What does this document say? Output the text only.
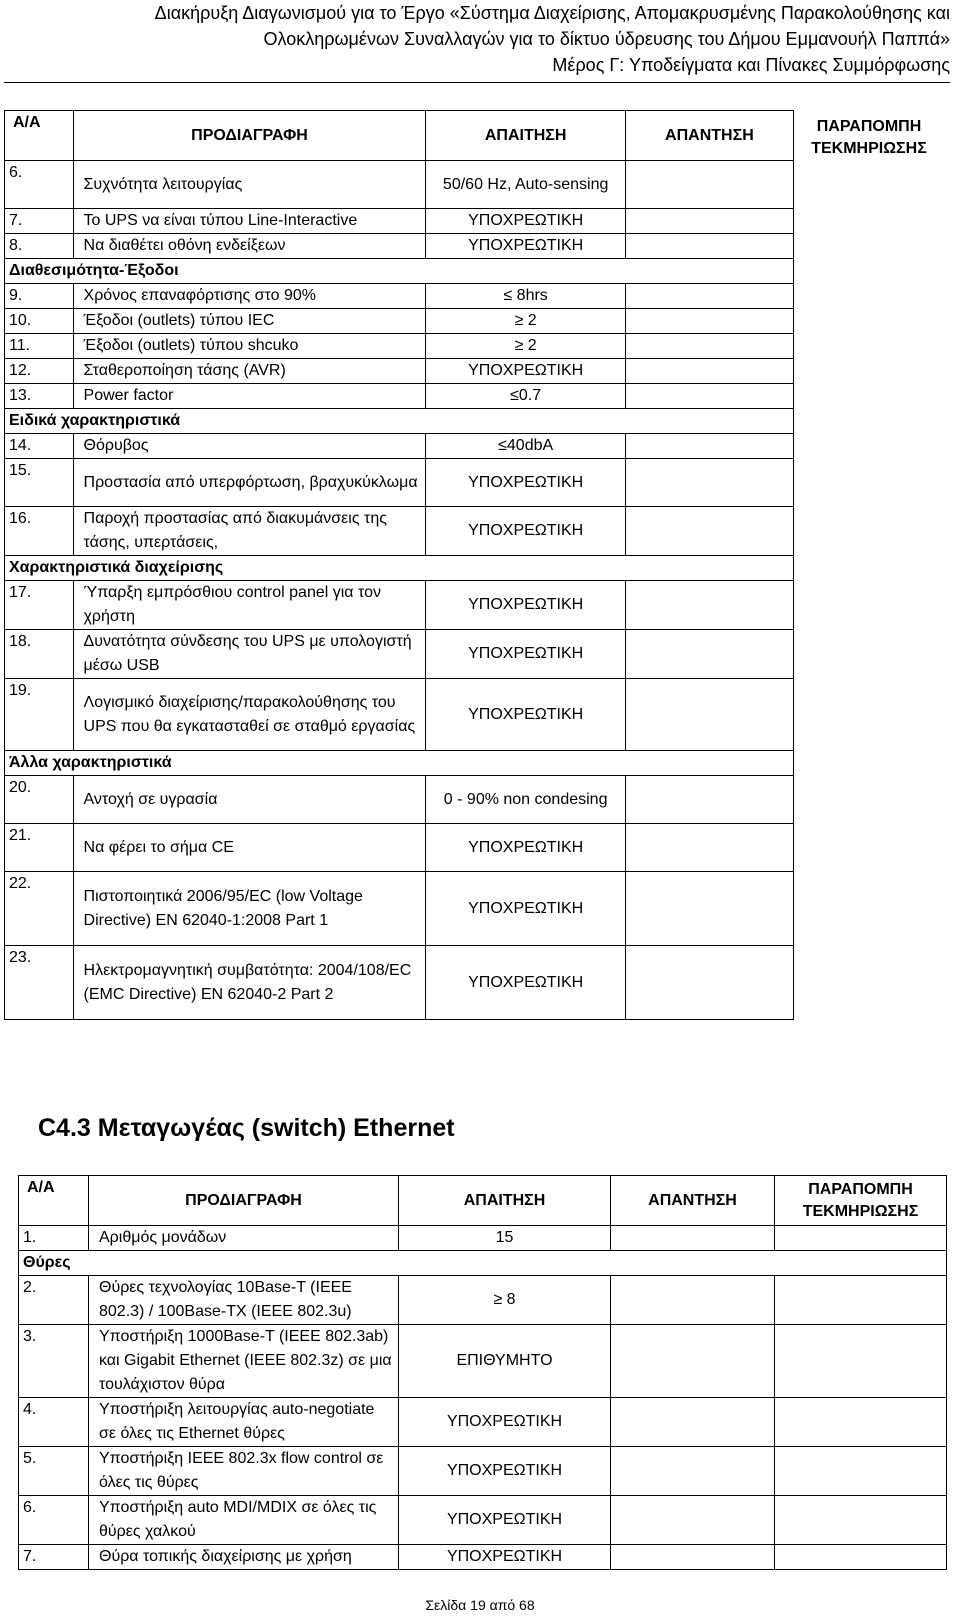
Διακήρυξη Διαγωνισμού για το Έργο «Σύστημα Διαχείρισης, Απομακρυσμένης Παρακολούθησης και
Ολοκληρωμένων Συναλλαγών για το δίκτυο ύδρευσης του Δήμου Εμμανουήλ Παππά»
Μέρος Γ: Υποδείγματα και Πίνακες Συμμόρφωσης
Α/Α	ΠΡΟΔΙΑΓΡΑΦΗ	ΑΠΑΙΤΗΣΗ	ΑΠΑΝΤΗΣΗ
6.	Συχνότητα λειτουργίας	50/60 Hz, Auto-sensing	
7.	Το UPS να είναι τύπου Line-Interactive	ΥΠΟΧΡΕΩΤΙΚΗ	
8.	Να διαθέτει οθόνη ενδείξεων	ΥΠΟΧΡΕΩΤΙΚΗ	
Διαθεσιμότητα-Έξοδοι			
9.	Χρόνος επαναφόρτισης στο 90%	≤ 8hrs	
10.	Έξοδοι (outlets) τύπου IEC	≥ 2	
11.	Έξοδοι (outlets) τύπου shcuko	≥ 2	
12.	Σταθεροποίηση τάσης (AVR)	ΥΠΟΧΡΕΩΤΙΚΗ	
13.	Power factor	≤0.7	
Ειδικά χαρακτηριστικά			
14.	Θόρυβος	≤40dbA	
15.	Προστασία από υπερφόρτωση, βραχυκύκλωμα	ΥΠΟΧΡΕΩΤΙΚΗ	
16.	Παροχή προστασίας από διακυμάνσεις της τάσης, υπερτάσεις,	ΥΠΟΧΡΕΩΤΙΚΗ	
Χαρακτηριστικά διαχείρισης			
17.	Ύπαρξη εμπρόσθιου control panel για τον χρήστη	ΥΠΟΧΡΕΩΤΙΚΗ	
18.	Δυνατότητα σύνδεσης του UPS με υπολογιστή μέσω USB	ΥΠΟΧΡΕΩΤΙΚΗ	
19.	Λογισμικό διαχείρισης/παρακολούθησης του UPS που θα εγκατασταθεί σε σταθμό εργασίας	ΥΠΟΧΡΕΩΤΙΚΗ	
Άλλα χαρακτηριστικά			
20.	Αντοχή σε υγρασία	0 - 90% non condesing	
21.	Να φέρει το σήμα CE	ΥΠΟΧΡΕΩΤΙΚΗ	
22.	Πιστοποιητικά 2006/95/EC (low Voltage Directive) EN 62040-1:2008 Part 1	ΥΠΟΧΡΕΩΤΙΚΗ	
23.	Ηλεκτρομαγνητική συμβατότητα: 2004/108/EC (EMC Directive) EN 62040-2 Part 2	ΥΠΟΧΡΕΩΤΙΚΗ	
ΠΑΡΑΠΟΜΠΗ ΤΕΚΜΗΡΙΩΣΗΣ
C4.3 Μεταγωγέας (switch) Ethernet
Α/Α	ΠΡΟΔΙΑΓΡΑΦΗ	ΑΠΑΙΤΗΣΗ	ΑΠΑΝΤΗΣΗ	ΠΑΡΑΠΟΜΠΗ ΤΕΚΜΗΡΙΩΣΗΣ
1.	Αριθμός μονάδων	15		
Θύρες				
2.	Θύρες τεχνολογίας 10Base-T (IEEE 802.3) / 100Base-TX (IEEE 802.3u)	≥ 8		
3.	Υποστήριξη 1000Base-T (IEEE 802.3ab) και Gigabit Ethernet (IEEE 802.3z) σε μια τουλάχιστον θύρα	ΕΠΙΘΥΜΗΤΟ		
4.	Υποστήριξη λειτουργίας auto-negotiate σε όλες τις Ethernet θύρες	ΥΠΟΧΡΕΩΤΙΚΗ		
5.	Υποστήριξη IEEE 802.3x flow control σε όλες τις θύρες	ΥΠΟΧΡΕΩΤΙΚΗ		
6.	Υποστήριξη auto MDI/MDIX σε όλες τις θύρες χαλκού	ΥΠΟΧΡΕΩΤΙΚΗ		
7.	Θύρα τοπικής διαχείρισης με χρήση	ΥΠΟΧΡΕΩΤΙΚΗ		
Σελίδα 19 από 68
